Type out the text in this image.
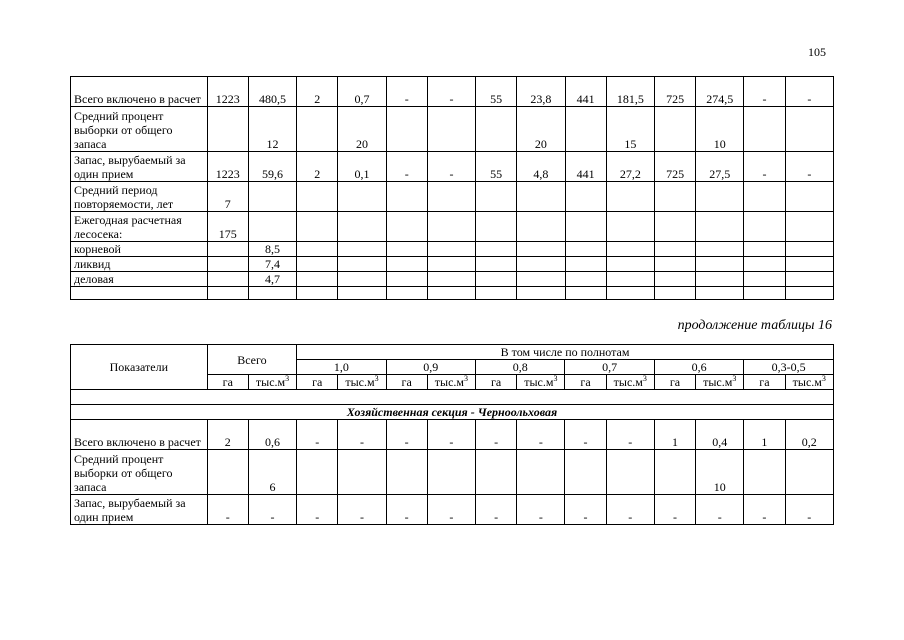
105
Всего включено в расчет	1223	480,5	2	0,7	-	-	55	23,8	441	181,5	725	274,5	-	-
Средний процент выборки от общего запаса		12		20				20		15		10		
Запас, вырубаемый за один прием	1223	59,6	2	0,1	-	-	55	4,8	441	27,2	725	27,5	-	-
Средний период повторяемости, лет	7													
Ежегодная расчетная лесосека:	175													
корневой		8,5												
ликвид		7,4												
деловая		4,7												

продолжение таблицы 16
Показатели	Всего		В том числе по полнотам											
			1,0		0,9		0,8		0,7		0,6		0,3-0,5	
	га	$тыс.м^3$	га	$тыс.м^3$	га	$тыс.м^3$	га	$тыс.м^3$	га	$тыс.м^3$	га	$тыс.м^3$	га	$тыс.м^3$

Хозяйственная секция - Черноольховая														
Всего включено в расчет	2	0,6	-	-	-	-	-	-	-	-	1	0,4	1	0,2
Средний процент выборки от общего запаса		6										10		
Запас, вырубаемый за один прием	-	-	-	-	-	-	-	-	-	-	-	-	-	-
